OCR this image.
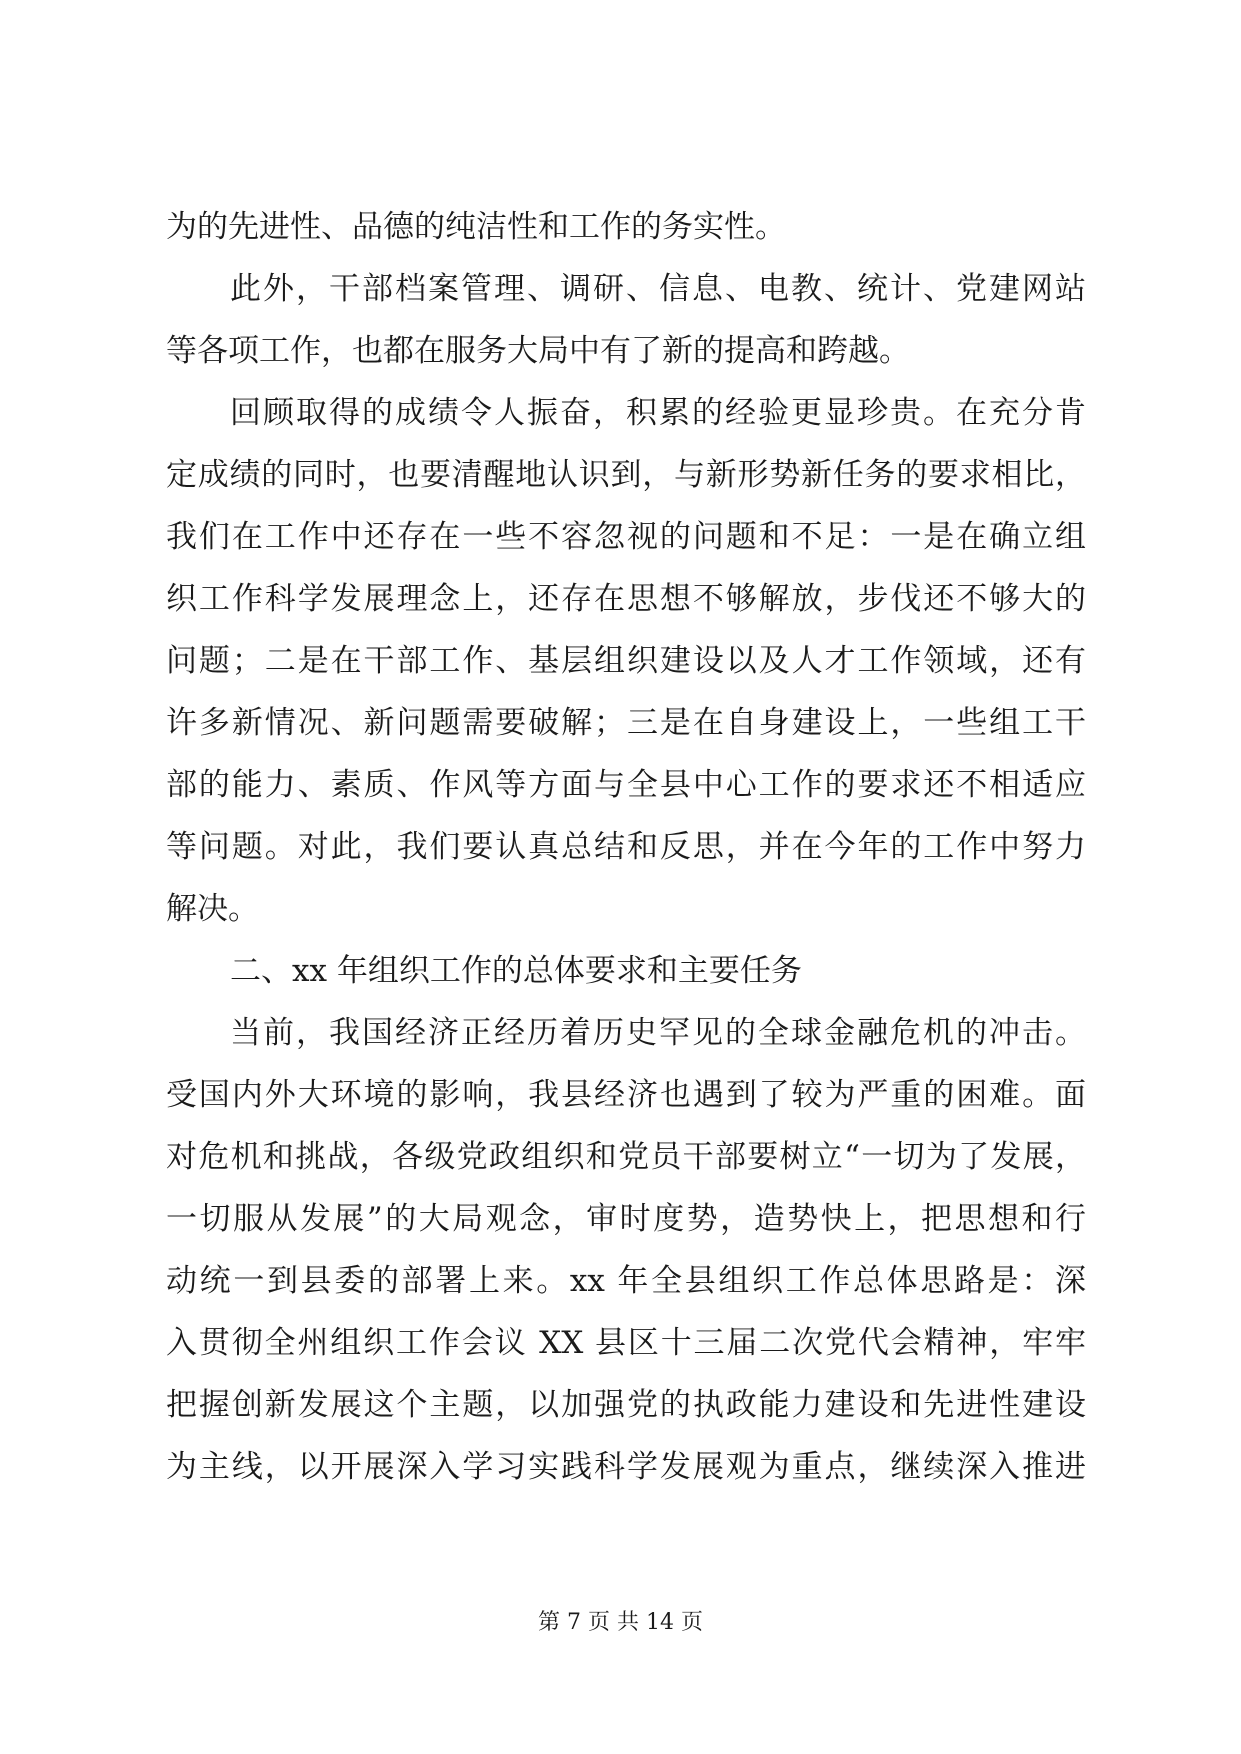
为的先进性、品德的纯洁性和工作的务实性。
此外，干部档案管理、调研、信息、电教、统计、党建网站
等各项工作，也都在服务大局中有了新的提高和跨越。
回顾取得的成绩令人振奋，积累的经验更显珍贵。在充分肯
定成绩的同时，也要清醒地认识到，与新形势新任务的要求相比，
我们在工作中还存在一些不容忽视的问题和不足：一是在确立组
织工作科学发展理念上，还存在思想不够解放，步伐还不够大的
问题；二是在干部工作、基层组织建设以及人才工作领域，还有
许多新情况、新问题需要破解；三是在自身建设上，一些组工干
部的能力、素质、作风等方面与全县中心工作的要求还不相适应
等问题。对此，我们要认真总结和反思，并在今年的工作中努力
解决。
二、xx 年组织工作的总体要求和主要任务
当前，我国经济正经历着历史罕见的全球金融危机的冲击。
受国内外大环境的影响，我县经济也遇到了较为严重的困难。面
对危机和挑战，各级党政组织和党员干部要树立“一切为了发展，
一切服从发展”的大局观念，审时度势，造势快上，把思想和行
动统一到县委的部署上来。xx 年全县组织工作总体思路是：深
入贯彻全州组织工作会议 XX 县区十三届二次党代会精神，牢牢
把握创新发展这个主题，以加强党的执政能力建设和先进性建设
为主线，以开展深入学习实践科学发展观为重点，继续深入推进
第 7 页 共 14 页
